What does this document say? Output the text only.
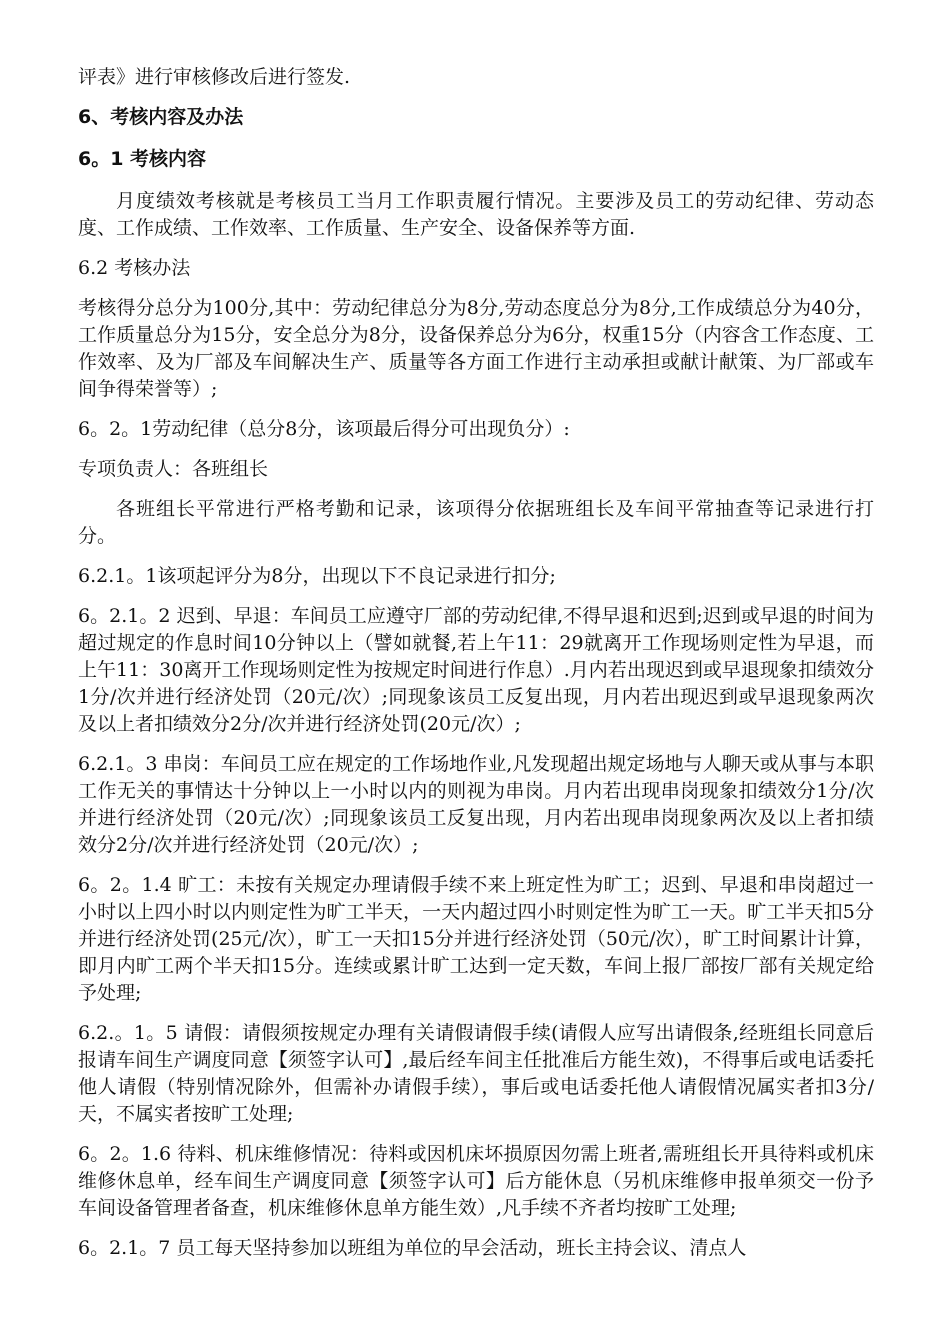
评表》进行审核修改后进行签发.

6、考核内容及办法

6。1 考核内容

月度绩效考核就是考核员工当月工作职责履行情况。主要涉及员工的劳动纪律、劳动态度、工作成绩、工作效率、工作质量、生产安全、设备保养等方面.

6.2 考核办法

考核得分总分为100分,其中：劳动纪律总分为8分,劳动态度总分为8分,工作成绩总分为40分，工作质量总分为15分，安全总分为8分，设备保养总分为6分，权重15分（内容含工作态度、工作效率、及为厂部及车间解决生产、质量等各方面工作进行主动承担或献计献策、为厂部或车间争得荣誉等）;

6。2。1劳动纪律（总分8分，该项最后得分可出现负分）:

专项负责人：各班组长

各班组长平常进行严格考勤和记录，该项得分依据班组长及车间平常抽查等记录进行打分。

6.2.1。1该项起评分为8分，出现以下不良记录进行扣分;

6。2.1。2 迟到、早退：车间员工应遵守厂部的劳动纪律,不得早退和迟到;迟到或早退的时间为超过规定的作息时间10分钟以上（譬如就餐,若上午11：29就离开工作现场则定性为早退，而上午11：30离开工作现场则定性为按规定时间进行作息）.月内若出现迟到或早退现象扣绩效分1分/次并进行经济处罚（20元/次）;同现象该员工反复出现，月内若出现迟到或早退现象两次及以上者扣绩效分2分/次并进行经济处罚(20元/次）;

6.2.1。3 串岗：车间员工应在规定的工作场地作业,凡发现超出规定场地与人聊天或从事与本职工作无关的事情达十分钟以上一小时以内的则视为串岗。月内若出现串岗现象扣绩效分1分/次并进行经济处罚（20元/次）;同现象该员工反复出现，月内若出现串岗现象两次及以上者扣绩效分2分/次并进行经济处罚（20元/次）;

6。2。1.4 旷工：未按有关规定办理请假手续不来上班定性为旷工；迟到、早退和串岗超过一小时以上四小时以内则定性为旷工半天，一天内超过四小时则定性为旷工一天。旷工半天扣5分并进行经济处罚(25元/次），旷工一天扣15分并进行经济处罚（50元/次），旷工时间累计计算，即月内旷工两个半天扣15分。连续或累计旷工达到一定天数，车间上报厂部按厂部有关规定给予处理;

6.2.。1。5 请假：请假须按规定办理有关请假请假手续(请假人应写出请假条,经班组长同意后报请车间生产调度同意【须签字认可】,最后经车间主任批准后方能生效)，不得事后或电话委托他人请假（特别情况除外，但需补办请假手续），事后或电话委托他人请假情况属实者扣3分/天，不属实者按旷工处理;

6。2。1.6 待料、机床维修情况：待料或因机床坏损原因勿需上班者,需班组长开具待料或机床维修休息单，经车间生产调度同意【须签字认可】后方能休息（另机床维修申报单须交一份予车间设备管理者备查，机床维修休息单方能生效）,凡手续不齐者均按旷工处理;

6。2.1。7 员工每天坚持参加以班组为单位的早会活动，班长主持会议、清点人
